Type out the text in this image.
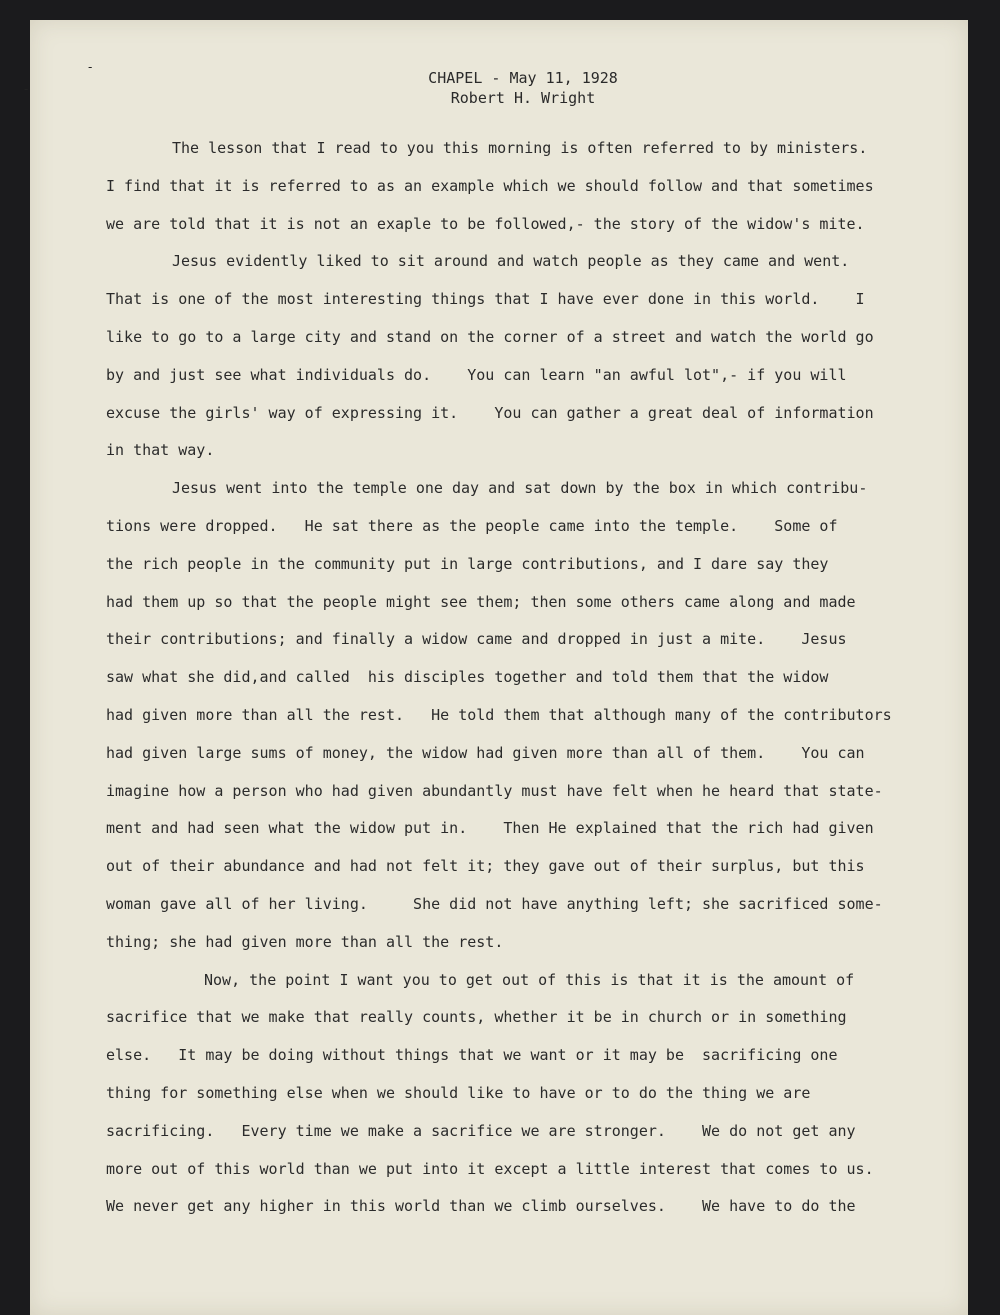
-
‐
CHAPEL - May 11, 1928
Robert H. Wright
The lesson that I read to you this morning is often referred to by ministers.
I find that it is referred to as an example which we should follow and that sometimes
we are told that it is not an exaple to be followed,- the story of the widow's mite.
Jesus evidently liked to sit around and watch people as they came and went.
That is one of the most interesting things that I have ever done in this world.    I
like to go to a large city and stand on the corner of a street and watch the world go
by and just see what individuals do.    You can learn "an awful lot",- if you will
excuse the girls' way of expressing it.    You can gather a great deal of information
in that way.
Jesus went into the temple one day and sat down by the box in which contribu-
tions were dropped.   He sat there as the people came into the temple.    Some of
the rich people in the community put in large contributions, and I dare say they
had them up so that the people might see them; then some others came along and made
their contributions; and finally a widow came and dropped in just a mite.    Jesus
saw what she did,and called  his disciples together and told them that the widow
had given more than all the rest.   He told them that although many of the contributors
had given large sums of money, the widow had given more than all of them.    You can
imagine how a person who had given abundantly must have felt when he heard that state-
ment and had seen what the widow put in.    Then He explained that the rich had given
out of their abundance and had not felt it; they gave out of their surplus, but this
woman gave all of her living.     She did not have anything left; she sacrificed some-
thing; she had given more than all the rest.
Now, the point I want you to get out of this is that it is the amount of
sacrifice that we make that really counts, whether it be in church or in something
else.   It may be doing without things that we want or it may be  sacrificing one
thing for something else when we should like to have or to do the thing we are
sacrificing.   Every time we make a sacrifice we are stronger.    We do not get any
more out of this world than we put into it except a little interest that comes to us.
We never get any higher in this world than we climb ourselves.    We have to do the
